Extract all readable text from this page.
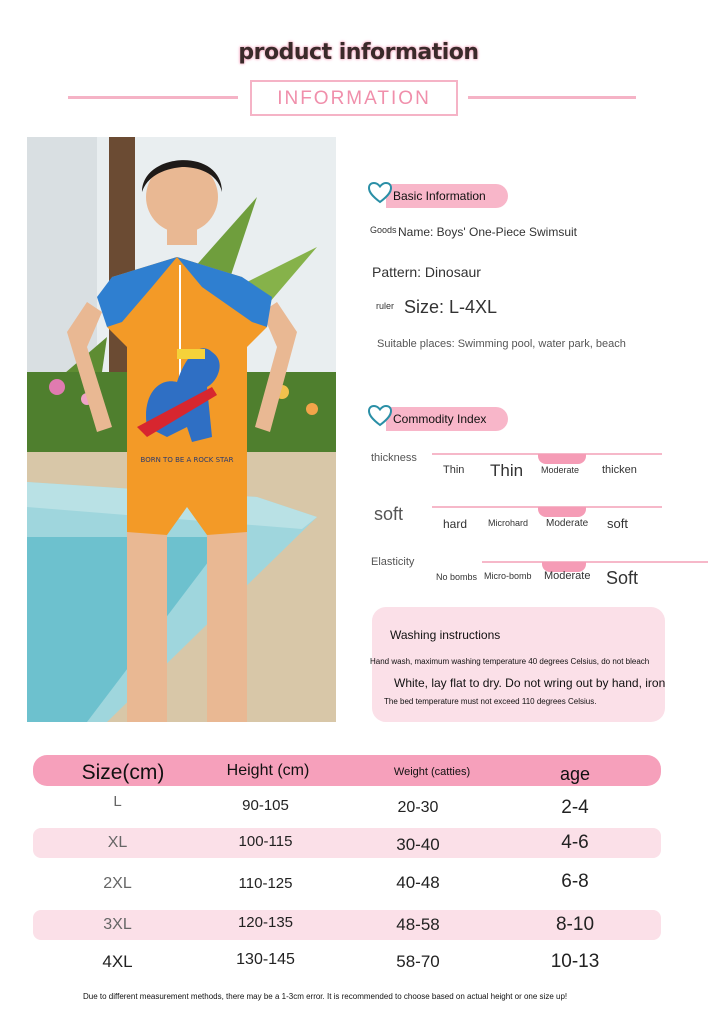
product information
INFORMATION
BORN TO BE A ROCK STAR
Basic Information
Goods Name: Boys' One-Piece Swimsuit
Pattern: Dinosaur
ruler Size: L-4XL
Suitable places: Swimming pool, water park, beach
Commodity Index
thickness
Thin Thin Moderate thicken
soft	hard Microhard Moderate soft
Elasticity
No bombs Micro-bomb Moderate Soft
Washing instructions
Hand wash, maximum washing temperature 40 degrees Celsius, do not bleach
White, lay flat to dry. Do not wring out by hand, iron
The bed temperature must not exceed 110 degrees Celsius.
Size(cm)	Height (cm)	Weight (catties)	age
L	90-105	20-30	2-4
XL	100-115	30-40	4-6
2XL	110-125	40-48	6-8
3XL	120-135	48-58	8-10
4XL	130-145	58-70	10-13
Due to different measurement methods, there may be a 1-3cm error. It is recommended to choose based on actual height or one size up!
